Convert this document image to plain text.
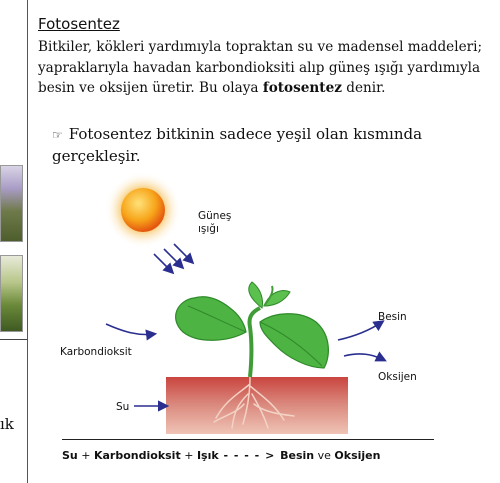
ık
Fotosentez

Bitkiler, kökleri yardımıyla topraktan su ve madensel maddeleri; yapraklarıyla havadan karbondioksiti alıp güneş ışığı yardımıyla besin ve oksijen üretir. Bu olaya fotosentez denir.

☞ Fotosentez bitkinin sadece yeşil olan kısmında gerçekleşir.

Güneş
ışığı
Karbondioksit
Su
Besin
Oksijen
Su + Karbondioksit + Işık - - - - > Besin ve Oksijen
